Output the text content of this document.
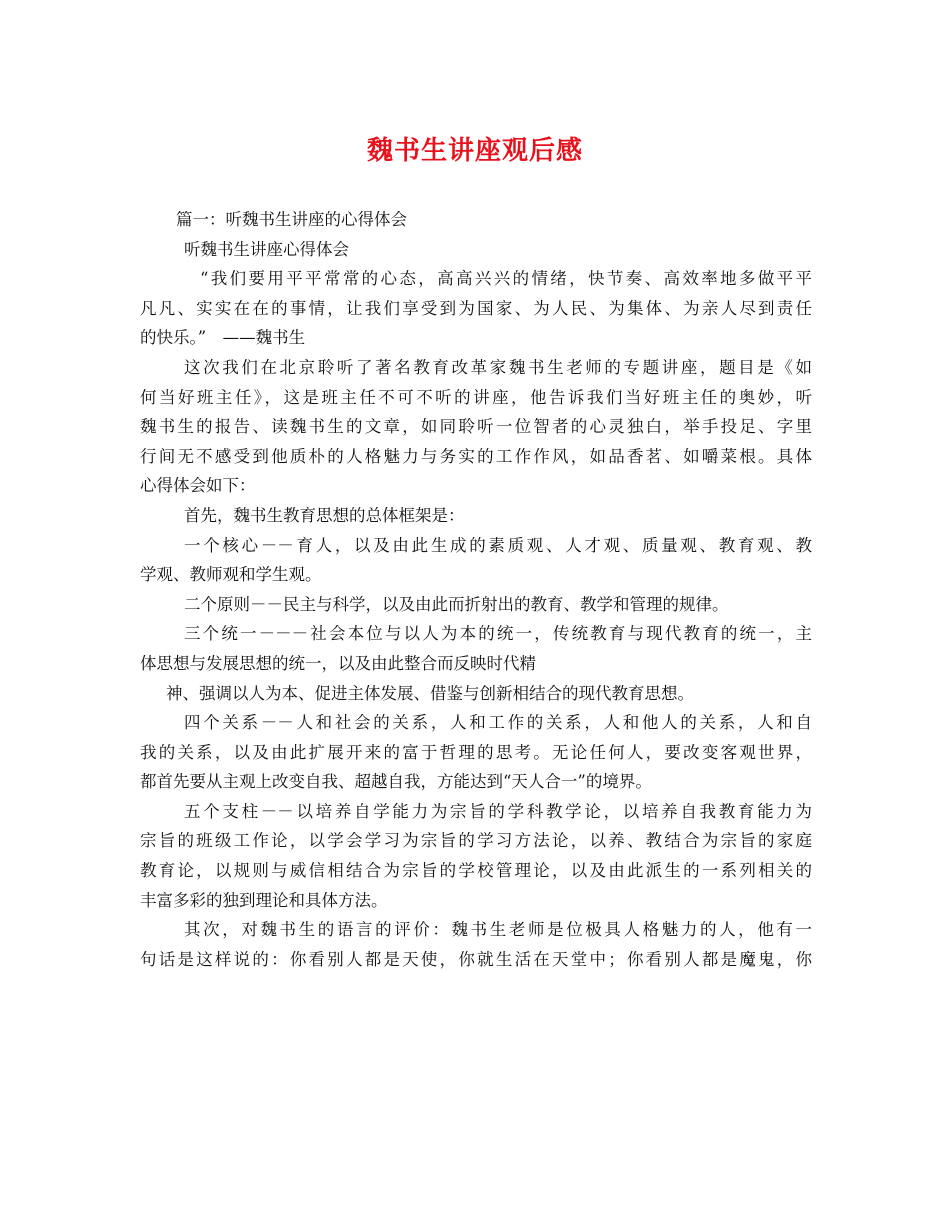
魏书生讲座观后感

篇一：听魏书生讲座的心得体会

听魏书生讲座心得体会

“我们要用平平常常的心态，高高兴兴的情绪，快节奏、高效率地多做平平

凡凡、实实在在的事情，让我们享受到为国家、为人民、为集体、为亲人尽到责任

的快乐。”　——魏书生

这次我们在北京聆听了著名教育改革家魏书生老师的专题讲座，题目是《如

何当好班主任》，这是班主任不可不听的讲座，他告诉我们当好班主任的奥妙，听

魏书生的报告、读魏书生的文章，如同聆听一位智者的心灵独白，举手投足、字里

行间无不感受到他质朴的人格魅力与务实的工作作风，如品香茗、如嚼菜根。具体

心得体会如下：

首先，魏书生教育思想的总体框架是：

一个核心－－育人，以及由此生成的素质观、人才观、质量观、教育观、教

学观、教师观和学生观。

二个原则－－民主与科学，以及由此而折射出的教育、教学和管理的规律。

三个统一－－－社会本位与以人为本的统一，传统教育与现代教育的统一，主

体思想与发展思想的统一，以及由此整合而反映时代精

神、强调以人为本、促进主体发展、借鉴与创新相结合的现代教育思想。

四个关系－－人和社会的关系，人和工作的关系，人和他人的关系，人和自

我的关系，以及由此扩展开来的富于哲理的思考。无论任何人，要改变客观世界，

都首先要从主观上改变自我、超越自我，方能达到“天人合一”的境界。

五个支柱－－以培养自学能力为宗旨的学科教学论，以培养自我教育能力为

宗旨的班级工作论，以学会学习为宗旨的学习方法论，以养、教结合为宗旨的家庭

教育论，以规则与威信相结合为宗旨的学校管理论，以及由此派生的一系列相关的

丰富多彩的独到理论和具体方法。

其次，对魏书生的语言的评价：魏书生老师是位极具人格魅力的人，他有一

句话是这样说的：你看别人都是天使，你就生活在天堂中；你看别人都是魔鬼，你
